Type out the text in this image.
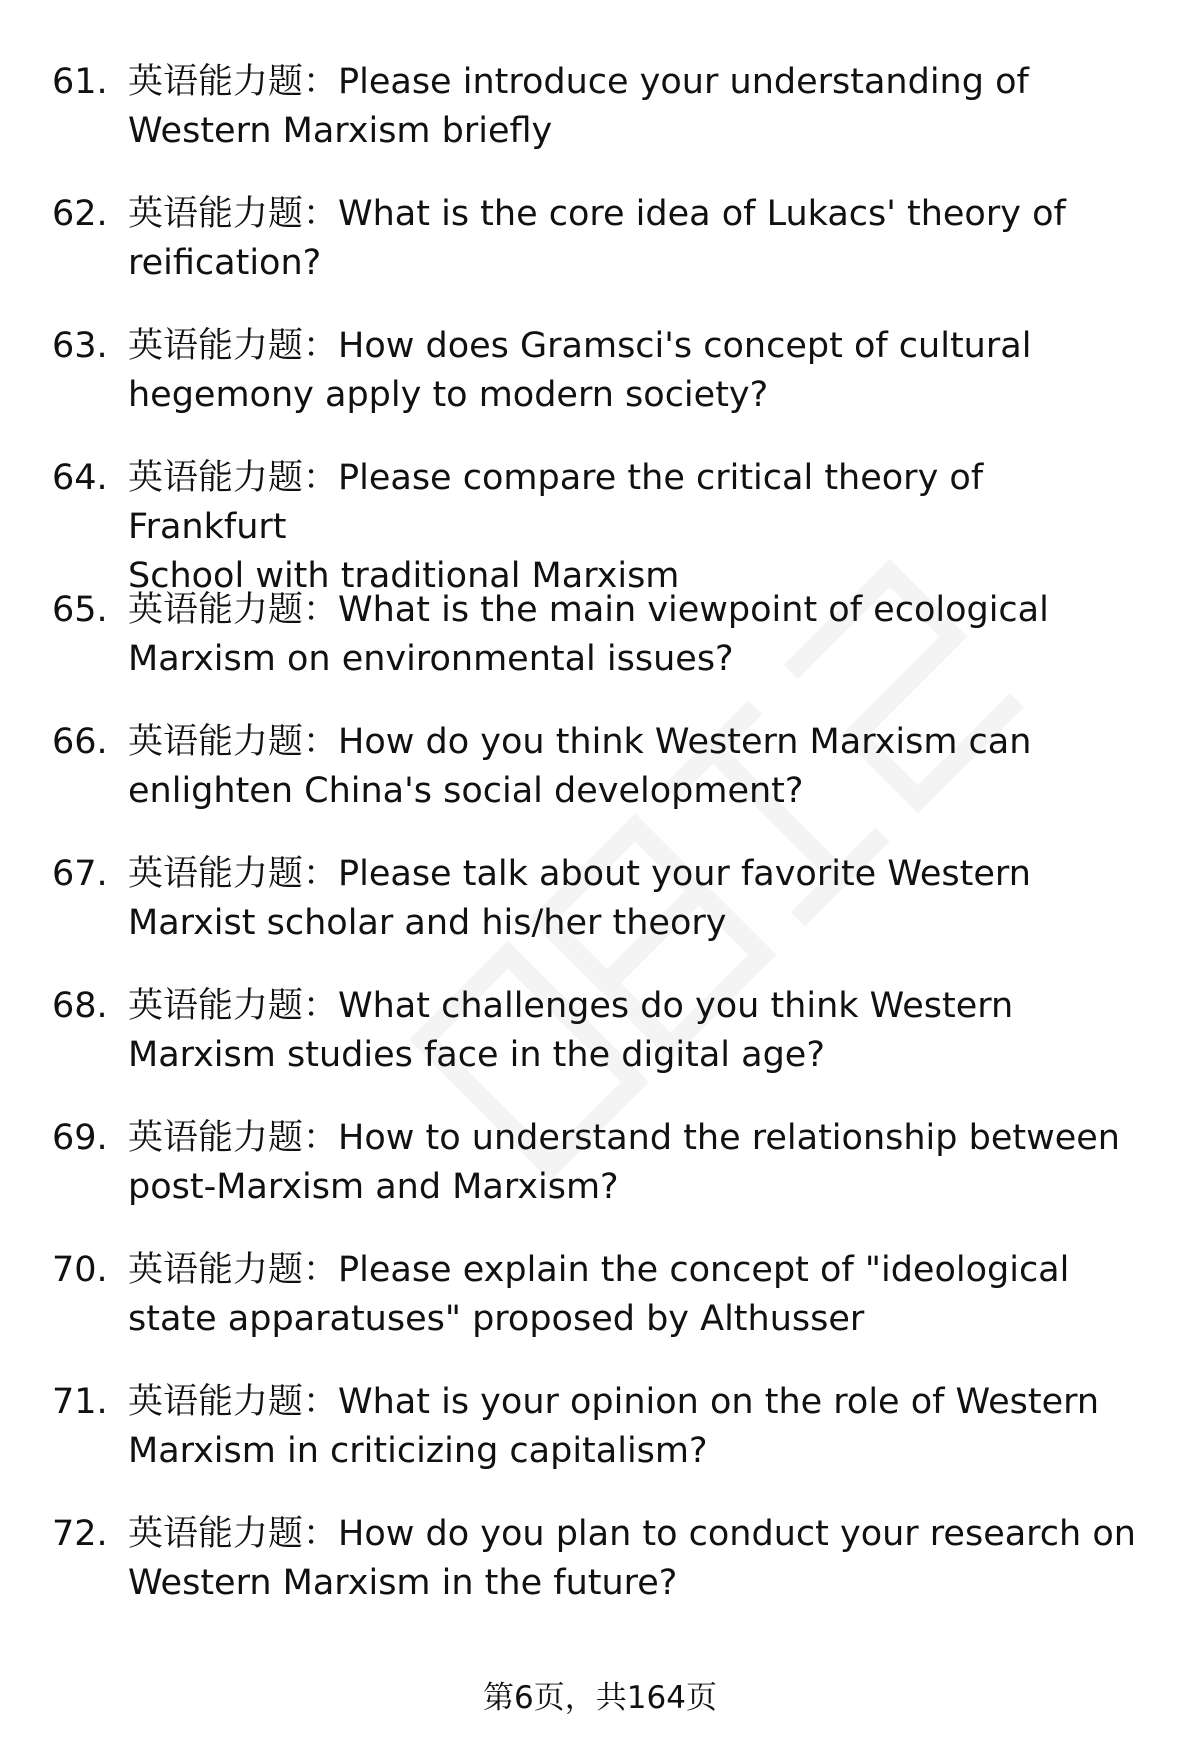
61. 英语能力题：Please introduce your understanding of
Western Marxism briefly
62. 英语能力题：What is the core idea of Lukacs' theory of
reification?
63. 英语能力题：How does Gramsci's concept of cultural
hegemony apply to modern society?
64. 英语能力题：Please compare the critical theory of Frankfurt
School with traditional Marxism
65. 英语能力题：What is the main viewpoint of ecological
Marxism on environmental issues?
66. 英语能力题：How do you think Western Marxism can
enlighten China's social development?
67. 英语能力题：Please talk about your favorite Western
Marxist scholar and his/her theory
68. 英语能力题：What challenges do you think Western
Marxism studies face in the digital age?
69. 英语能力题：How to understand the relationship between
post-Marxism and Marxism?
70. 英语能力题：Please explain the concept of "ideological
state apparatuses" proposed by Althusser
71. 英语能力题：What is your opinion on the role of Western
Marxism in criticizing capitalism?
72. 英语能力题：How do you plan to conduct your research on
Western Marxism in the future?
第6页，共164页
